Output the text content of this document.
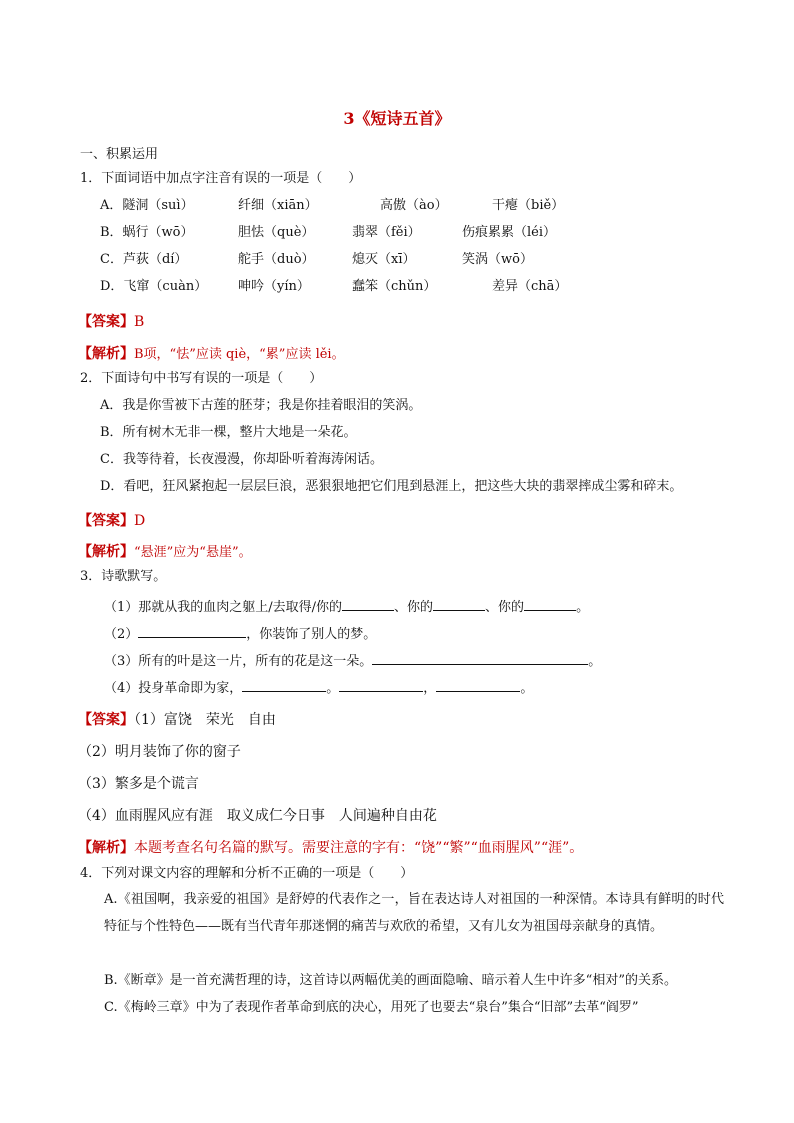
3《短诗五首》
一、积累运用
1．下面词语中加点字注音有误的一项是（　　）
A．隧洞（suì）	纤细（xiān）	高傲（ào）	干瘪（biě）
B．蜗行（wō）	胆怯（què）	翡翠（fěi）	伤痕累累（léi）
C．芦荻（dí）	舵手（duò）	熄灭（xī）	笑涡（wō）
D．飞窜（cuàn） 呻吟（yín）	蠢笨（chǔn）	差异（chā）
【答案】B
【解析】B项，“怯”应读 qiè，“累”应读 lěi。
2．下面诗句中书写有误的一项是（　　）
A．我是你雪被下古莲的胚芽；我是你挂着眼泪的笑涡。
B．所有树木无非一棵，整片大地是一朵花。
C．我等待着，长夜漫漫，你却卧听着海涛闲话。
D．看吧，狂风紧抱起一层层巨浪，恶狠狠地把它们甩到悬涯上，把这些大块的翡翠摔成尘雾和碎末。
【答案】D
【解析】“悬涯”应为“悬崖”。
3．诗歌默写。
（1）那就从我的血肉之躯上/去取得/你的	、你的	、你的	。
（2）	，你装饰了别人的梦。
（3）所有的叶是这一片，所有的花是这一朵。	。
（4）投身革命即为家，	。	，	。
【答案】（1）富饶　荣光　自由
（2）明月装饰了你的窗子
（3）繁多是个谎言
（4）血雨腥风应有涯　取义成仁今日事　人间遍种自由花
【解析】本题考查名句名篇的默写。需要注意的字有：“饶”“繁”“血雨腥风”“涯”。
4．下列对课文内容的理解和分析不正确的一项是（　　）
A.《祖国啊，我亲爱的祖国》是舒婷的代表作之一，旨在表达诗人对祖国的一种深情。本诗具有鲜明的时代特征与个性特色——既有当代青年那迷惘的痛苦与欢欣的希望，又有儿女为祖国母亲献身的真情。
B.《断章》是一首充满哲理的诗，这首诗以两幅优美的画面隐喻、暗示着人生中许多“相对”的关系。
C.《梅岭三章》中为了表现作者革命到底的决心，用死了也要去“泉台”集合“旧部”去革“阎罗”
